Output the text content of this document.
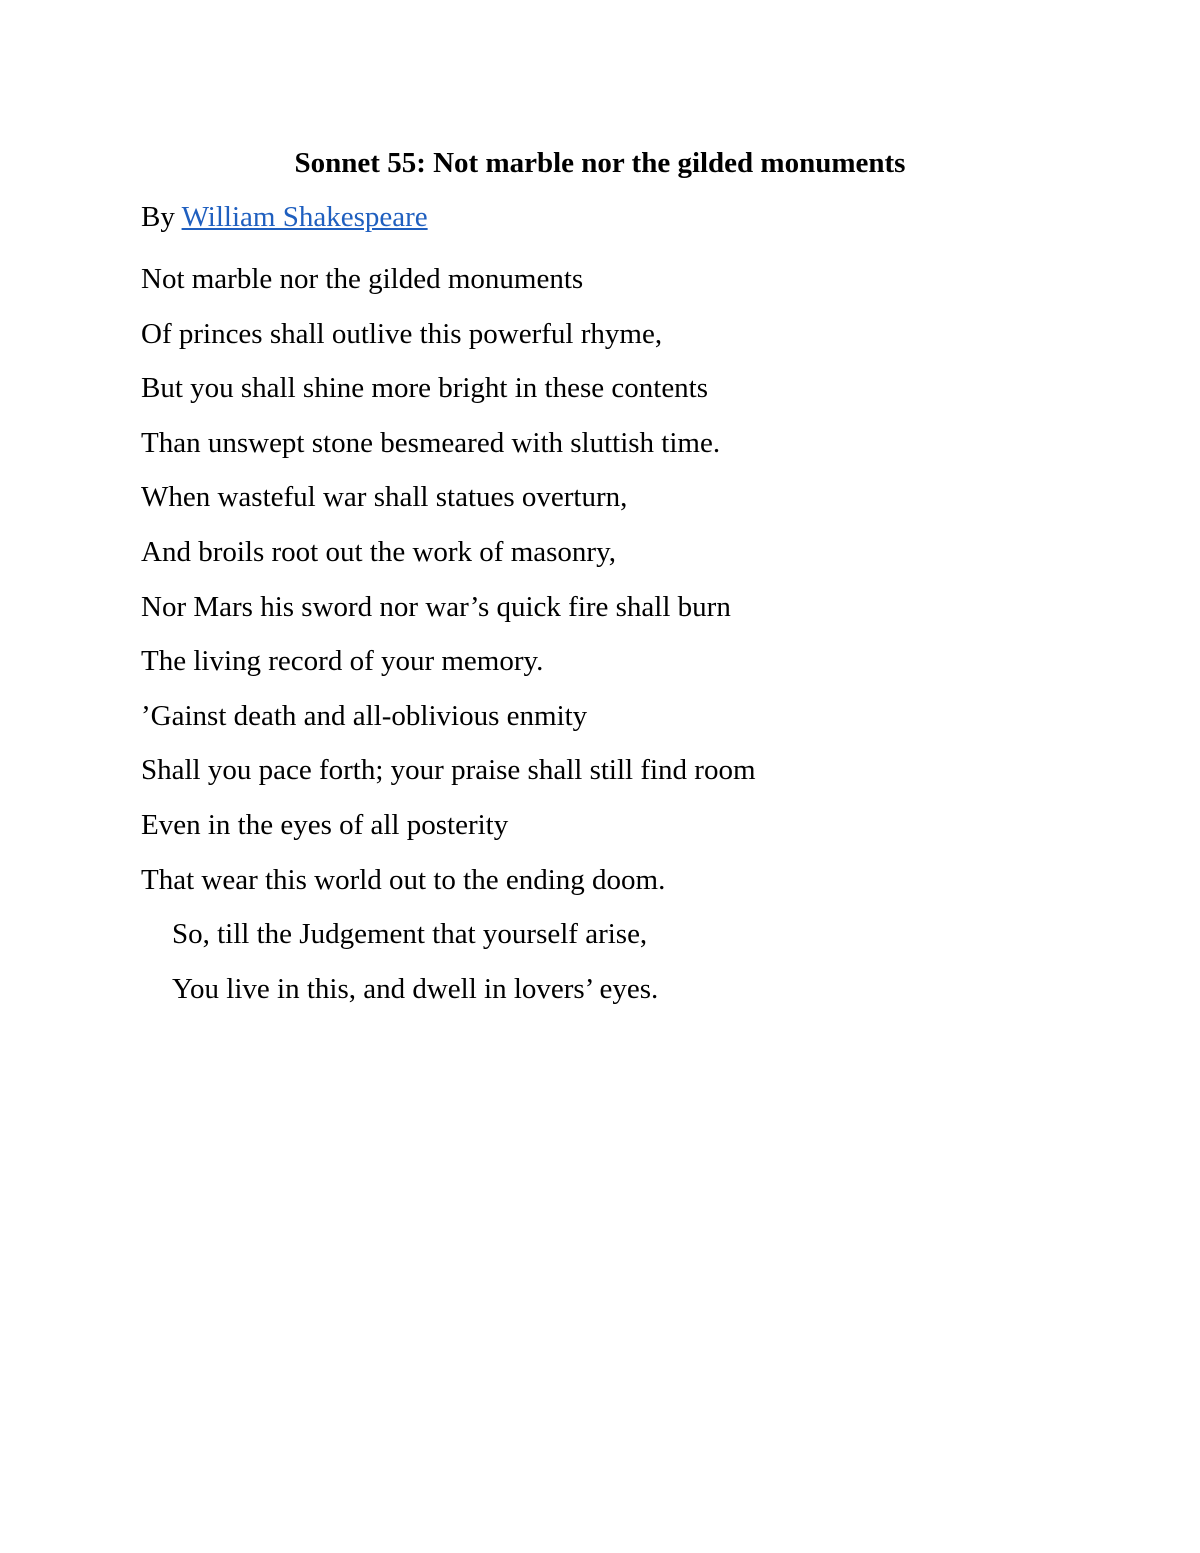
Sonnet 55: Not marble nor the gilded monuments
By William Shakespeare
Not marble nor the gilded monuments
Of princes shall outlive this powerful rhyme,
But you shall shine more bright in these contents
Than unswept stone besmeared with sluttish time.
When wasteful war shall statues overturn,
And broils root out the work of masonry,
Nor Mars his sword nor war’s quick fire shall burn
The living record of your memory.
’Gainst death and all-oblivious enmity
Shall you pace forth; your praise shall still find room
Even in the eyes of all posterity
That wear this world out to the ending doom.
So, till the Judgement that yourself arise,
You live in this, and dwell in lovers’ eyes.
